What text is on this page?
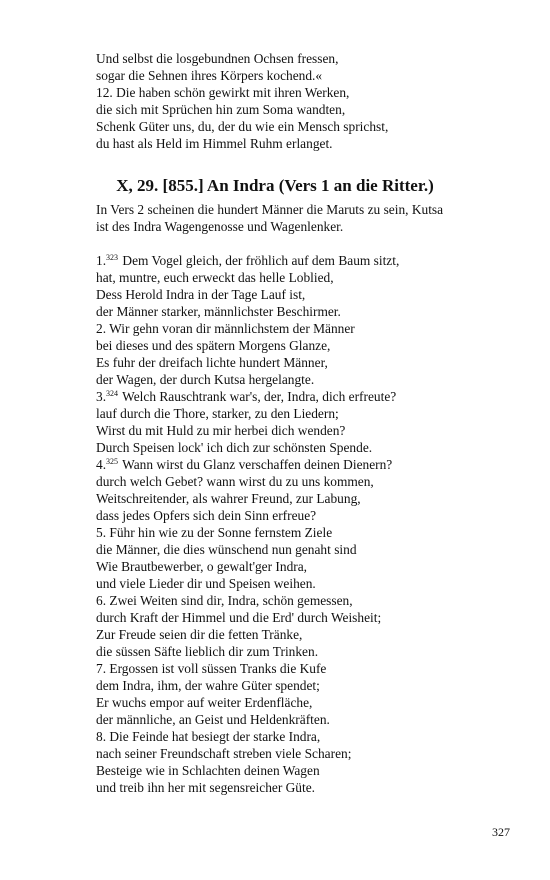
Und selbst die losgebundnen Ochsen fressen,
sogar die Sehnen ihres Körpers kochend.«
12. Die haben schön gewirkt mit ihren Werken,
die sich mit Sprüchen hin zum Soma wandten,
Schenk Güter uns, du, der du wie ein Mensch sprichst,
du hast als Held im Himmel Ruhm erlanget.
X, 29. [855.] An Indra (Vers 1 an die Ritter.)
In Vers 2 scheinen die hundert Männer die Maruts zu sein, Kutsa
ist des Indra Wagengenosse und Wagenlenker.
1.$^{323}$ Dem Vogel gleich, der fröhlich auf dem Baum sitzt,
hat, muntre, euch erweckt das helle Loblied,
Dess Herold Indra in der Tage Lauf ist,
der Männer starker, männlichster Beschirmer.
2. Wir gehn voran dir männlichstem der Männer
bei dieses und des spätern Morgens Glanze,
Es fuhr der dreifach lichte hundert Männer,
der Wagen, der durch Kutsa hergelangte.
3.$^{324}$ Welch Rauschtrank war's, der, Indra, dich erfreute?
lauf durch die Thore, starker, zu den Liedern;
Wirst du mit Huld zu mir herbei dich wenden?
Durch Speisen lock' ich dich zur schönsten Spende.
4.$^{325}$ Wann wirst du Glanz verschaffen deinen Dienern?
durch welch Gebet? wann wirst du zu uns kommen,
Weitschreitender, als wahrer Freund, zur Labung,
dass jedes Opfers sich dein Sinn erfreue?
5. Führ hin wie zu der Sonne fernstem Ziele
die Männer, die dies wünschend nun genaht sind
Wie Brautbewerber, o gewalt'ger Indra,
und viele Lieder dir und Speisen weihen.
6. Zwei Weiten sind dir, Indra, schön gemessen,
durch Kraft der Himmel und die Erd' durch Weisheit;
Zur Freude seien dir die fetten Tränke,
die süssen Säfte lieblich dir zum Trinken.
7. Ergossen ist voll süssen Tranks die Kufe
dem Indra, ihm, der wahre Güter spendet;
Er wuchs empor auf weiter Erdenfläche,
der männliche, an Geist und Heldenkräften.
8. Die Feinde hat besiegt der starke Indra,
nach seiner Freundschaft streben viele Scharen;
Besteige wie in Schlachten deinen Wagen
und treib ihn her mit segensreicher Güte.
327
